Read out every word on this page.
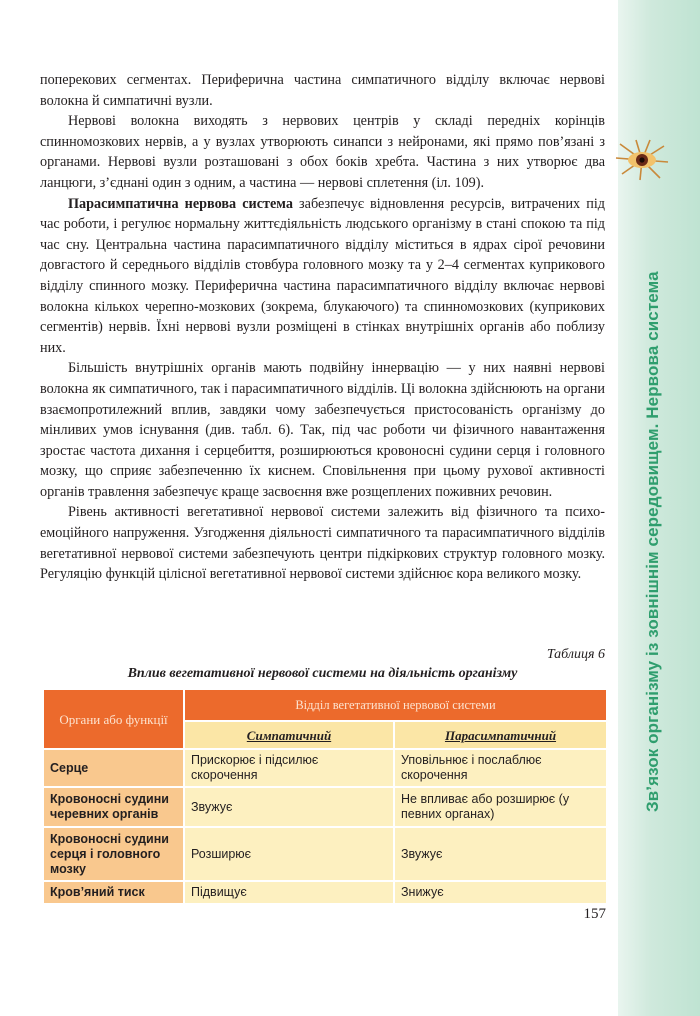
Зв’язок організму із зовнішнім середовищем. Нервова система

поперекових сегментах. Периферична частина симпатичного відділу включає нервові волокна й симпатичні вузли.

Нервові волокна виходять з нервових центрів у складі передніх корінців спинномозкових нервів, а у вузлах утворюють синапси з нейронами, які прямо пов’язані з органами. Нервові вузли розташовані з обох боків хребта. Частина з них утворює два ланцюги, з’єднані один з одним, а частина — нервові сплетення (іл. 109).

Парасимпатична нервова система забезпечує відновлення ресурсів, витрачених під час роботи, і регулює нормальну життєдіяльність людського організму в стані спокою та під час сну. Центральна частина парасимпатичного відділу міститься в ядрах сірої речовини довгастого й середнього відділів стовбура головного мозку та у 2–4 сегментах куприкового відділу спинного мозку. Периферична частина парасимпатичного відділу включає нервові волокна кількох черепно-мозкових (зокрема, блукаючого) та спинномозкових (куприкових сегментів) нервів. Їхні нервові вузли розміщені в стінках внутрішніх органів або поблизу них.

Більшість внутрішніх органів мають подвійну іннервацію — у них наявні нервові волокна як симпатичного, так і парасимпатичного відділів. Ці волокна здійснюють на органи взаємопротилежний вплив, завдяки чому забезпечується пристосованість організму до мінливих умов існування (див. табл. 6). Так, під час роботи чи фізичного навантаження зростає частота дихання і серцебиття, розширюються кровоносні судини серця і головного мозку, що сприяє забезпеченню їх киснем. Сповільнення при цьому рухової активності органів травлення забезпечує краще засвоєння вже розщеплених поживних речовин.

Рівень активності вегетативної нервової системи залежить від фізичного та психо-емоційного напруження. Узгодження діяльності симпатичного та парасимпатичного відділів вегетативної нервової системи забезпечують центри підкіркових структур головного мозку. Регуляцію функцій цілісної вегетативної нервової системи здійснює кора великого мозку.

Таблиця 6
Вплив вегетативної нервової системи на діяльність організму
Органи або функції	Відділ вегетативної нервової системи	
	Симпатичний	Парасимпатичний
Серце	Прискорює і підсилює скорочення	Уповільнює і послаблює скорочення
Кровоносні судини черевних органів	Звужує	Не впливає або розширює (у певних органах)
Кровоносні судини серця і головного мозку	Розширює	Звужує
Кров’яний тиск	Підвищує	Знижує
157
